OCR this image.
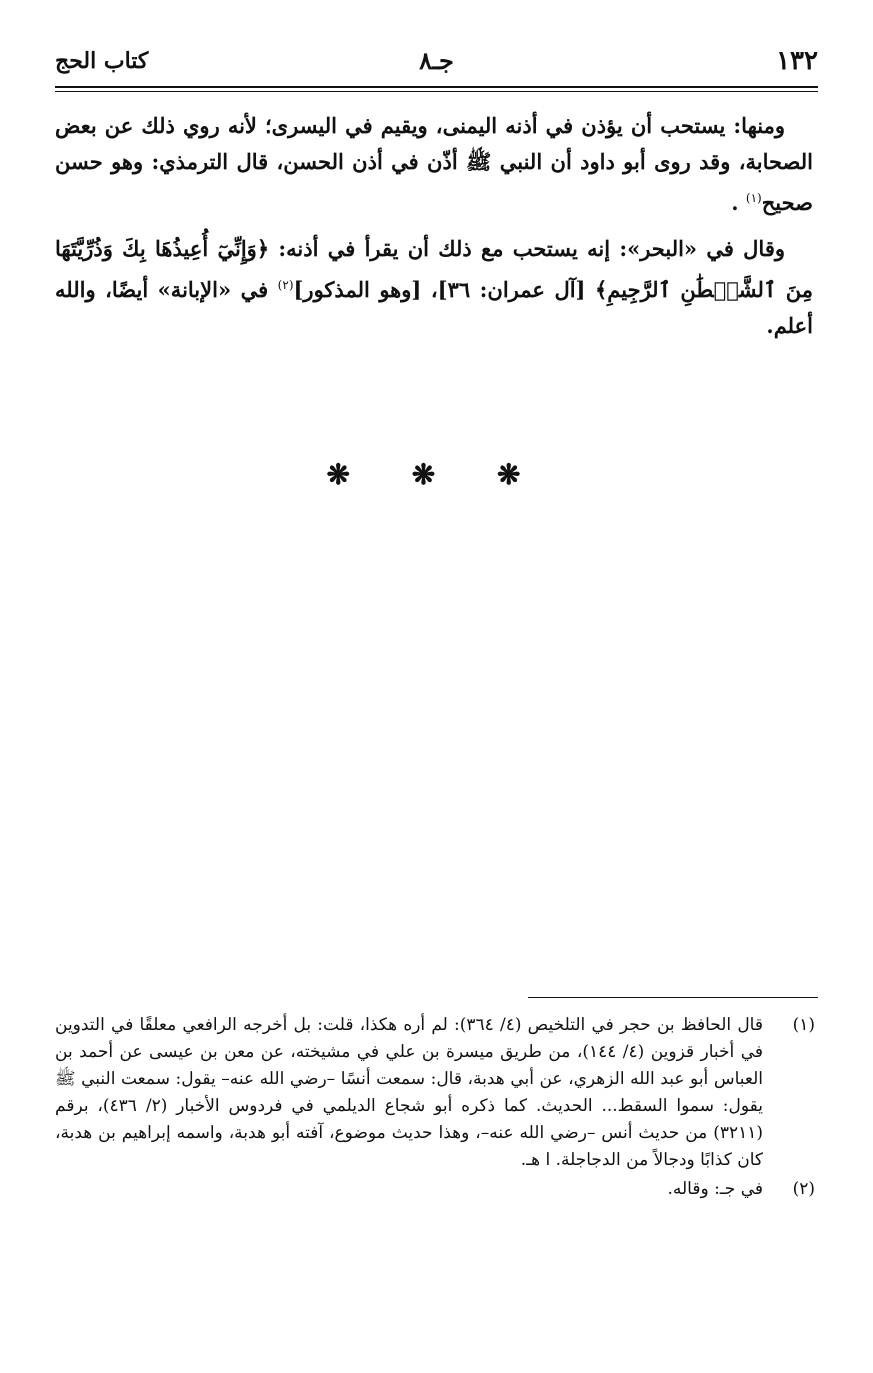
١٣٢
جـ٨
كتاب الحج

ومنها: يستحب أن يؤذن في أذنه اليمنى، ويقيم في اليسرى؛ لأنه روي ذلك عن بعض الصحابة، وقد روى أبو داود أن النبي ﷺ أذّن في أذن الحسن، قال الترمذي: وهو حسن صحيح$^{(١)}$ .

وقال في «البحر»: إنه يستحب مع ذلك أن يقرأ في أذنه: ﴿وَإِنِّيٓ أُعِيذُهَا بِكَ وَذُرِّيَّتَهَا مِنَ ٱلشَّيۡطَٰنِ ٱلرَّجِيمِ﴾ [آل عمران: ٣٦]، [وهو المذكور]$^{(٢)}$ في «الإبانة» أيضًا، والله أعلم.

❋ ❋ ❋
(١)
قال الحافظ بن حجر في التلخيص (٤/ ٣٦٤): لم أره هكذا، قلت: بل أخرجه الرافعي معلقًا في التدوين في أخبار قزوين (٤/ ١٤٤)، من طريق ميسرة بن علي في مشيخته، عن معن بن عيسى عن أحمد بن العباس أبو عبد الله الزهري، عن أبي هدبة، قال: سمعت أنسًا –رضي الله عنه– يقول: سمعت النبي ﷺ يقول: سموا السقط... الحديث. كما ذكره أبو شجاع الديلمي في فردوس الأخبار (٢/ ٤٣٦)، برقم (٣٢١١) من حديث أنس –رضي الله عنه–، وهذا حديث موضوع، آفته أبو هدبة، واسمه إبراهيم بن هدبة، كان كذابًا ودجالاً من الدجاجلة. ا هـ.
(٢)
في جـ: وقاله.
